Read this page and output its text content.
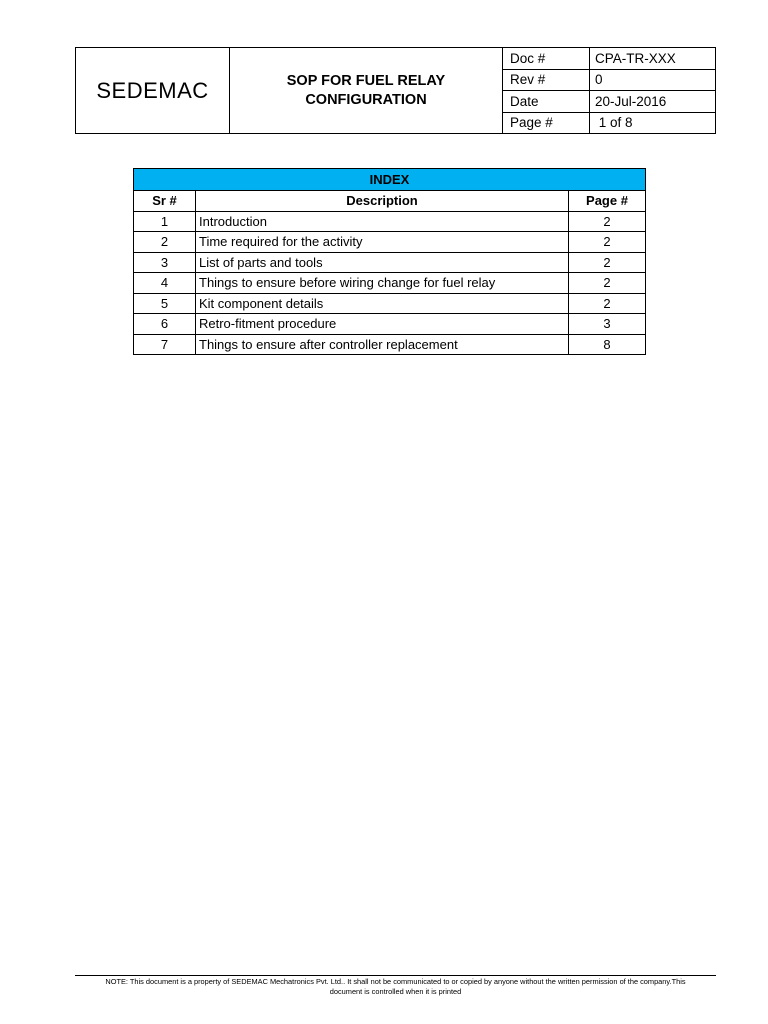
SEDEMAC	SOP FOR FUEL RELAY
CONFIGURATION
Doc #	CPA-TR-XXX
Rev #	0
Date	20-Jul-2016
Page #	1 of 8
INDEX		
Sr #	Description	Page #
1	Introduction	2
2	Time required for the activity	2
3	List of parts and tools	2
4	Things to ensure before wiring change for fuel relay	2
5	Kit component details	2
6	Retro-fitment procedure	3
7	Things to ensure after controller replacement	8
NOTE: This document is a property of SEDEMAC Mechatronics Pvt. Ltd.. It shall not be communicated to or copied by anyone without the written permission of the company.This
document is controlled when it is printed
